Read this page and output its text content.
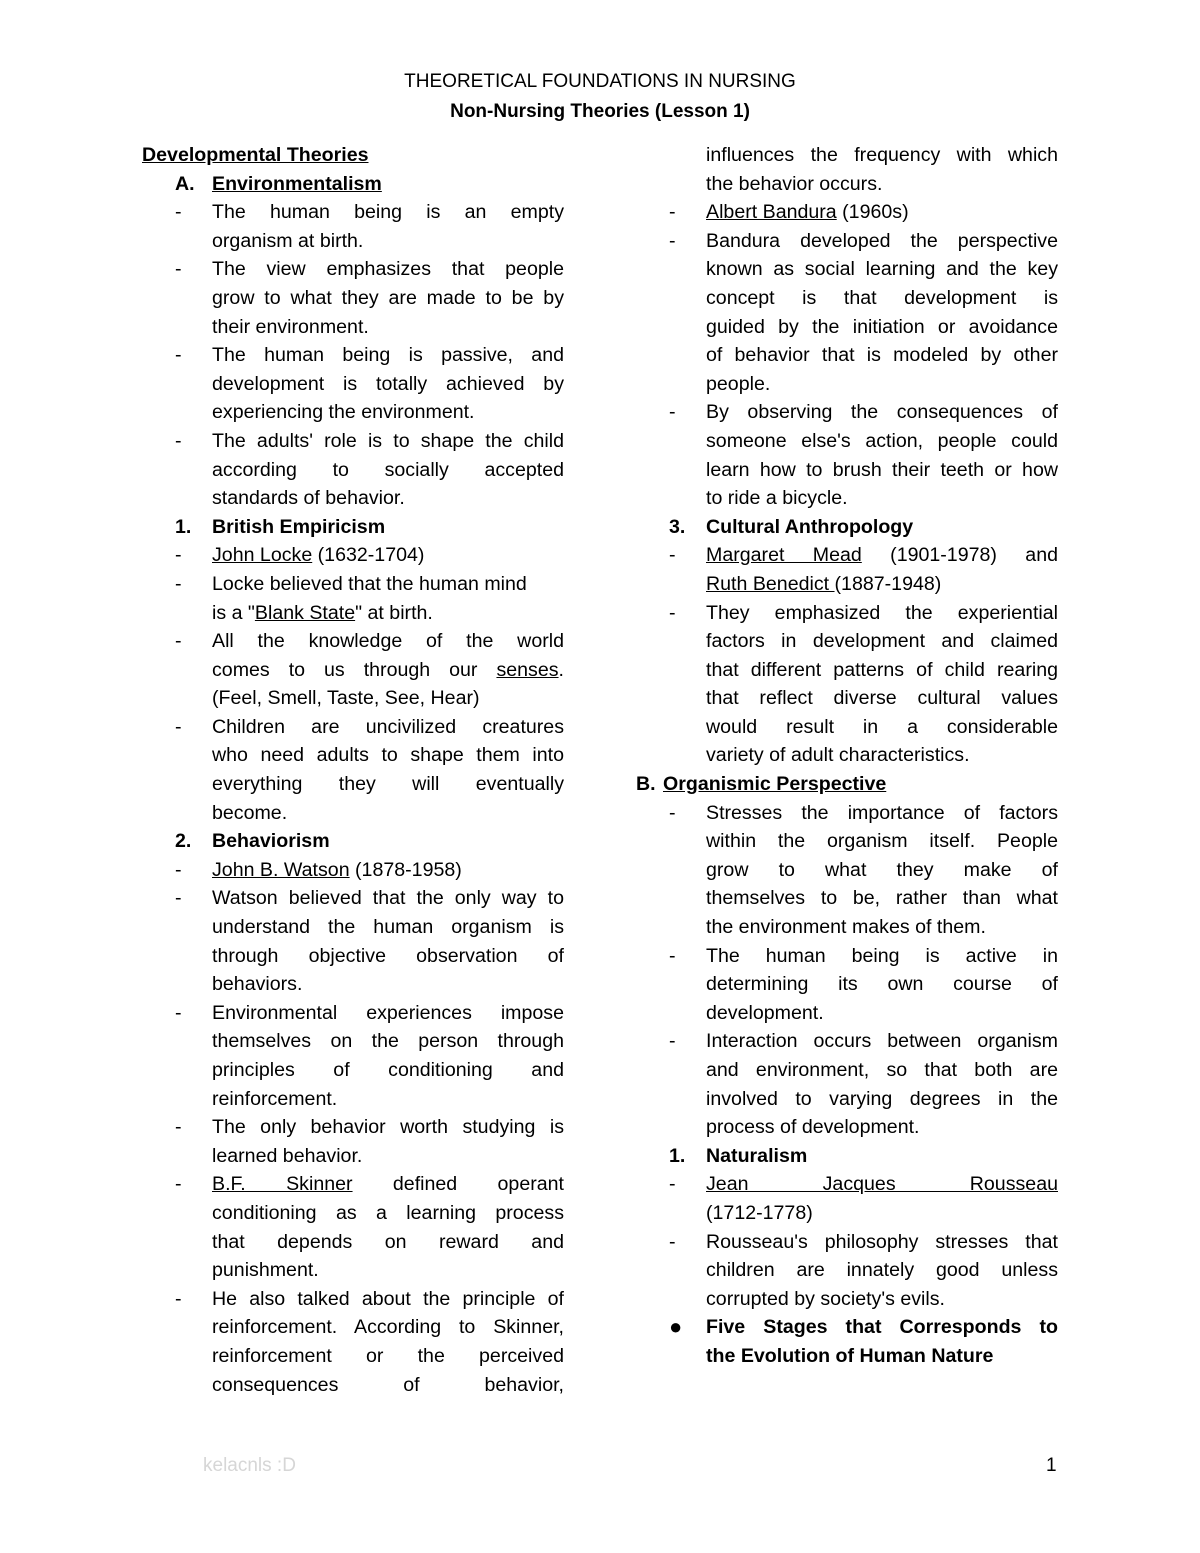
THEORETICAL FOUNDATIONS IN NURSING
Non-Nursing Theories (Lesson 1)
Developmental Theories
A. Environmentalism
- The human being is an empty
organism at birth.
- The view emphasizes that people
grow to what they are made to be by
their environment.
- The human being is passive, and
development is totally achieved by
experiencing the environment.
- The adults' role is to shape the child
according to socially accepted
standards of behavior.
1. British Empiricism
- John Locke (1632-1704)
- Locke believed that the human mind
is a "Blank State" at birth.
- All the knowledge of the world
comes to us through our senses.
(Feel, Smell, Taste, See, Hear)
- Children are uncivilized creatures
who need adults to shape them into
everything they will eventually
become.
2. Behaviorism
- John B. Watson (1878-1958)
- Watson believed that the only way to
understand the human organism is
through objective observation of
behaviors.
- Environmental experiences impose
themselves on the person through
principles of conditioning and
reinforcement.
- The only behavior worth studying is
learned behavior.
- B.F. Skinner defined operant
conditioning as a learning process
that depends on reward and
punishment.
- He also talked about the principle of
reinforcement. According to Skinner,
reinforcement or the perceived
consequences of behavior,
influences the frequency with which
the behavior occurs.
- Albert Bandura (1960s)
- Bandura developed the perspective
known as social learning and the key
concept is that development is
guided by the initiation or avoidance
of behavior that is modeled by other
people.
- By observing the consequences of
someone else's action, people could
learn how to brush their teeth or how
to ride a bicycle.
3. Cultural Anthropology
- Margaret Mead (1901-1978) and
Ruth Benedict (1887-1948)
- They emphasized the experiential
factors in development and claimed
that different patterns of child rearing
that reflect diverse cultural values
would result in a considerable
variety of adult characteristics.
B. Organismic Perspective
- Stresses the importance of factors
within the organism itself. People
grow to what they make of
themselves to be, rather than what
the environment makes of them.
- The human being is active in
determining its own course of
development.
- Interaction occurs between organism
and environment, so that both are
involved to varying degrees in the
process of development.
1. Naturalism
- Jean Jacques Rousseau
(1712-1778)
- Rousseau's philosophy stresses that
children are innately good unless
corrupted by society's evils.
● Five Stages that Corresponds to
the Evolution of Human Nature
kelacnls :D	1
